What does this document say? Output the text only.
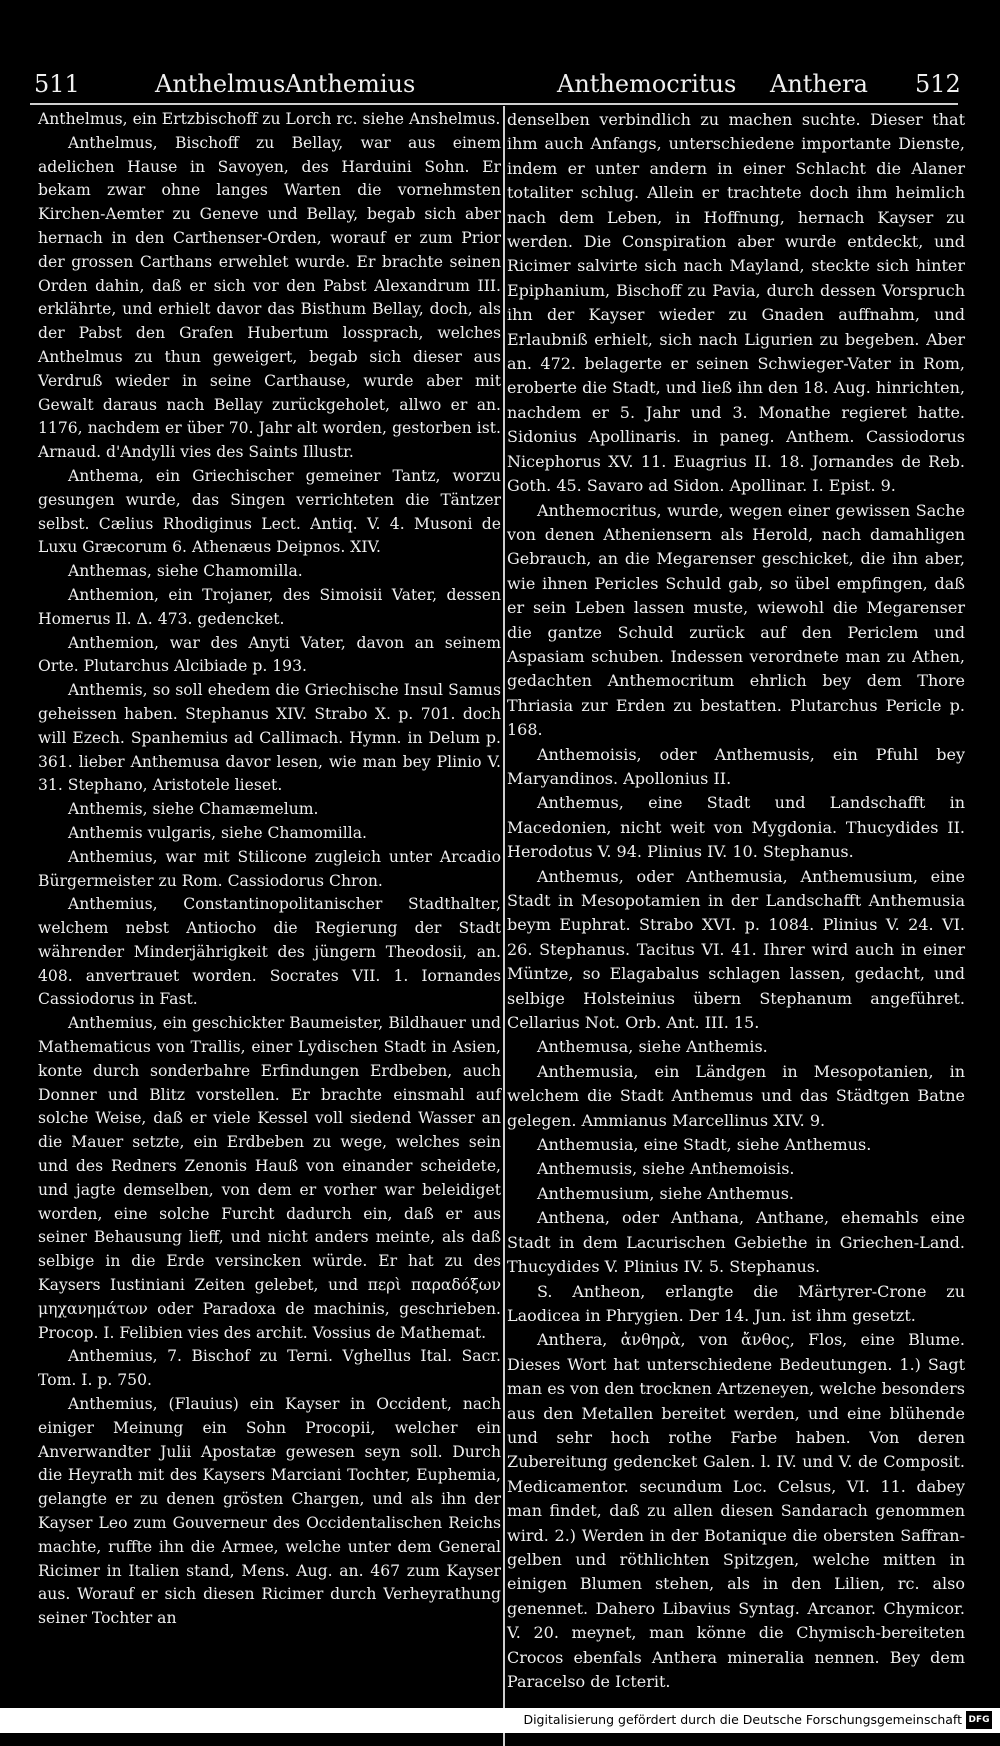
511	Anthelmus Anthemius	Anthemocritus Anthera 512

Anthelmus, ein Ertzbischoff zu Lorch rc. siehe Anshelmus.

Anthelmus, Bischoff zu Bellay, war aus einem adelichen Hause in Savoyen, des Harduini Sohn. Er bekam zwar ohne langes Warten die vornehmsten Kirchen-Aemter zu Geneve und Bellay, begab sich aber hernach in den Carthenser-Orden, worauf er zum Prior der grossen Carthans erwehlet wurde. Er brachte seinen Orden dahin, daß er sich vor den Pabst Alexandrum III. erklährte, und erhielt davor das Bisthum Bellay, doch, als der Pabst den Grafen Hubertum lossprach, welches Anthelmus zu thun geweigert, begab sich dieser aus Verdruß wieder in seine Carthause, wurde aber mit Gewalt daraus nach Bellay zurückgeholet, allwo er an. 1176, nachdem er über 70. Jahr alt worden, gestorben ist. Arnaud. d'Andylli vies des Saints Illustr.

Anthema, ein Griechischer gemeiner Tantz, worzu gesungen wurde, das Singen verrichteten die Täntzer selbst. Cælius Rhodiginus Lect. Antiq. V. 4. Musoni de Luxu Græcorum 6. Athenæus Deipnos. XIV.

Anthemas, siehe Chamomilla.

Anthemion, ein Trojaner, des Simoisii Vater, dessen Homerus Il. Δ. 473. gedencket.

Anthemion, war des Anyti Vater, davon an seinem Orte. Plutarchus Alcibiade p. 193.

Anthemis, so soll ehedem die Griechische Insul Samus geheissen haben. Stephanus XIV. Strabo X. p. 701. doch will Ezech. Spanhemius ad Callimach. Hymn. in Delum p. 361. lieber Anthemusa davor lesen, wie man bey Plinio V. 31. Stephano, Aristotele lieset.

Anthemis, siehe Chamæmelum.

Anthemis vulgaris, siehe Chamomilla.

Anthemius, war mit Stilicone zugleich unter Arcadio Bürgermeister zu Rom. Cassiodorus Chron.

Anthemius, Constantinopolitanischer Stadthalter, welchem nebst Antiocho die Regierung der Stadt währender Minderjährigkeit des jüngern Theodosii, an. 408. anvertrauet worden. Socrates VII. 1. Iornandes Cassiodorus in Fast.

Anthemius, ein geschickter Baumeister, Bildhauer und Mathematicus von Trallis, einer Lydischen Stadt in Asien, konte durch sonderbahre Erfindungen Erdbeben, auch Donner und Blitz vorstellen. Er brachte einsmahl auf solche Weise, daß er viele Kessel voll siedend Wasser an die Mauer setzte, ein Erdbeben zu wege, welches sein und des Redners Zenonis Hauß von einander scheidete, und jagte demselben, von dem er vorher war beleidiget worden, eine solche Furcht dadurch ein, daß er aus seiner Behausung lieff, und nicht anders meinte, als daß selbige in die Erde versincken würde. Er hat zu des Kaysers Iustiniani Zeiten gelebet, und περὶ παραδόξων μηχανημάτων oder Paradoxa de machinis, geschrieben. Procop. I. Felibien vies des archit. Vossius de Mathemat.

Anthemius, 7. Bischof zu Terni. Vghellus Ital. Sacr. Tom. I. p. 750.

Anthemius, (Flauius) ein Kayser in Occident, nach einiger Meinung ein Sohn Procopii, welcher ein Anverwandter Julii Apostatæ gewesen seyn soll. Durch die Heyrath mit des Kaysers Marciani Tochter, Euphemia, gelangte er zu denen grösten Chargen, und als ihn der Kayser Leo zum Gouverneur des Occidentalischen Reichs machte, ruffte ihn die Armee, welche unter dem General Ricimer in Italien stand, Mens. Aug. an. 467 zum Kayser aus. Worauf er sich diesen Ricimer durch Verheyrathung seiner Tochter an

denselben verbindlich zu machen suchte. Dieser that ihm auch Anfangs, unterschiedene importante Dienste, indem er unter andern in einer Schlacht die Alaner totaliter schlug. Allein er trachtete doch ihm heimlich nach dem Leben, in Hoffnung, hernach Kayser zu werden. Die Conspiration aber wurde entdeckt, und Ricimer salvirte sich nach Mayland, steckte sich hinter Epiphanium, Bischoff zu Pavia, durch dessen Vorspruch ihn der Kayser wieder zu Gnaden auffnahm, und Erlaubniß erhielt, sich nach Ligurien zu begeben. Aber an. 472. belagerte er seinen Schwieger-Vater in Rom, eroberte die Stadt, und ließ ihn den 18. Aug. hinrichten, nachdem er 5. Jahr und 3. Monathe regieret hatte. Sidonius Apollinaris. in paneg. Anthem. Cassiodorus Nicephorus XV. 11. Euagrius II. 18. Jornandes de Reb. Goth. 45. Savaro ad Sidon. Apollinar. I. Epist. 9.

Anthemocritus, wurde, wegen einer gewissen Sache von denen Atheniensern als Herold, nach damahligen Gebrauch, an die Megarenser geschicket, die ihn aber, wie ihnen Pericles Schuld gab, so übel empfingen, daß er sein Leben lassen muste, wiewohl die Megarenser die gantze Schuld zurück auf den Periclem und Aspasiam schuben. Indessen verordnete man zu Athen, gedachten Anthemocritum ehrlich bey dem Thore Thriasia zur Erden zu bestatten. Plutarchus Pericle p. 168.

Anthemoisis, oder Anthemusis, ein Pfuhl bey Maryandinos. Apollonius II.

Anthemus, eine Stadt und Landschafft in Macedonien, nicht weit von Mygdonia. Thucydides II. Herodotus V. 94. Plinius IV. 10. Stephanus.

Anthemus, oder Anthemusia, Anthemusium, eine Stadt in Mesopotamien in der Landschafft Anthemusia beym Euphrat. Strabo XVI. p. 1084. Plinius V. 24. VI. 26. Stephanus. Tacitus VI. 41. Ihrer wird auch in einer Müntze, so Elagabalus schlagen lassen, gedacht, und selbige Holsteinius übern Stephanum angeführet. Cellarius Not. Orb. Ant. III. 15.

Anthemusa, siehe Anthemis.

Anthemusia, ein Ländgen in Mesopotanien, in welchem die Stadt Anthemus und das Städtgen Batne gelegen. Ammianus Marcellinus XIV. 9.

Anthemusia, eine Stadt, siehe Anthemus.

Anthemusis, siehe Anthemoisis.

Anthemusium, siehe Anthemus.

Anthena, oder Anthana, Anthane, ehemahls eine Stadt in dem Lacurischen Gebiethe in Griechen-Land. Thucydides V. Plinius IV. 5. Stephanus.

S. Antheon, erlangte die Märtyrer-Crone zu Laodicea in Phrygien. Der 14. Jun. ist ihm gesetzt.

Anthera, ἀνθηρὰ, von ἄνθος, Flos, eine Blume. Dieses Wort hat unterschiedene Bedeutungen. 1.) Sagt man es von den trocknen Artzeneyen, welche besonders aus den Metallen bereitet werden, und eine blühende und sehr hoch rothe Farbe haben. Von deren Zubereitung gedencket Galen. l. IV. und V. de Composit. Medicamentor. secundum Loc. Celsus, VI. 11. dabey man findet, daß zu allen diesen Sandarach genommen wird. 2.) Werden in der Botanique die obersten Saffran-gelben und röthlichten Spitzgen, welche mitten in einigen Blumen stehen, als in den Lilien, rc. also genennet. Dahero Libavius Syntag. Arcanor. Chymicor. V. 20. meynet, man könne die Chymisch-bereiteten Crocos ebenfals Anthera mineralia nennen. Bey dem Paracelso de Icterit.

Digitalisierung gefördert durch die Deutsche Forschungsgemeinschaft DFG
